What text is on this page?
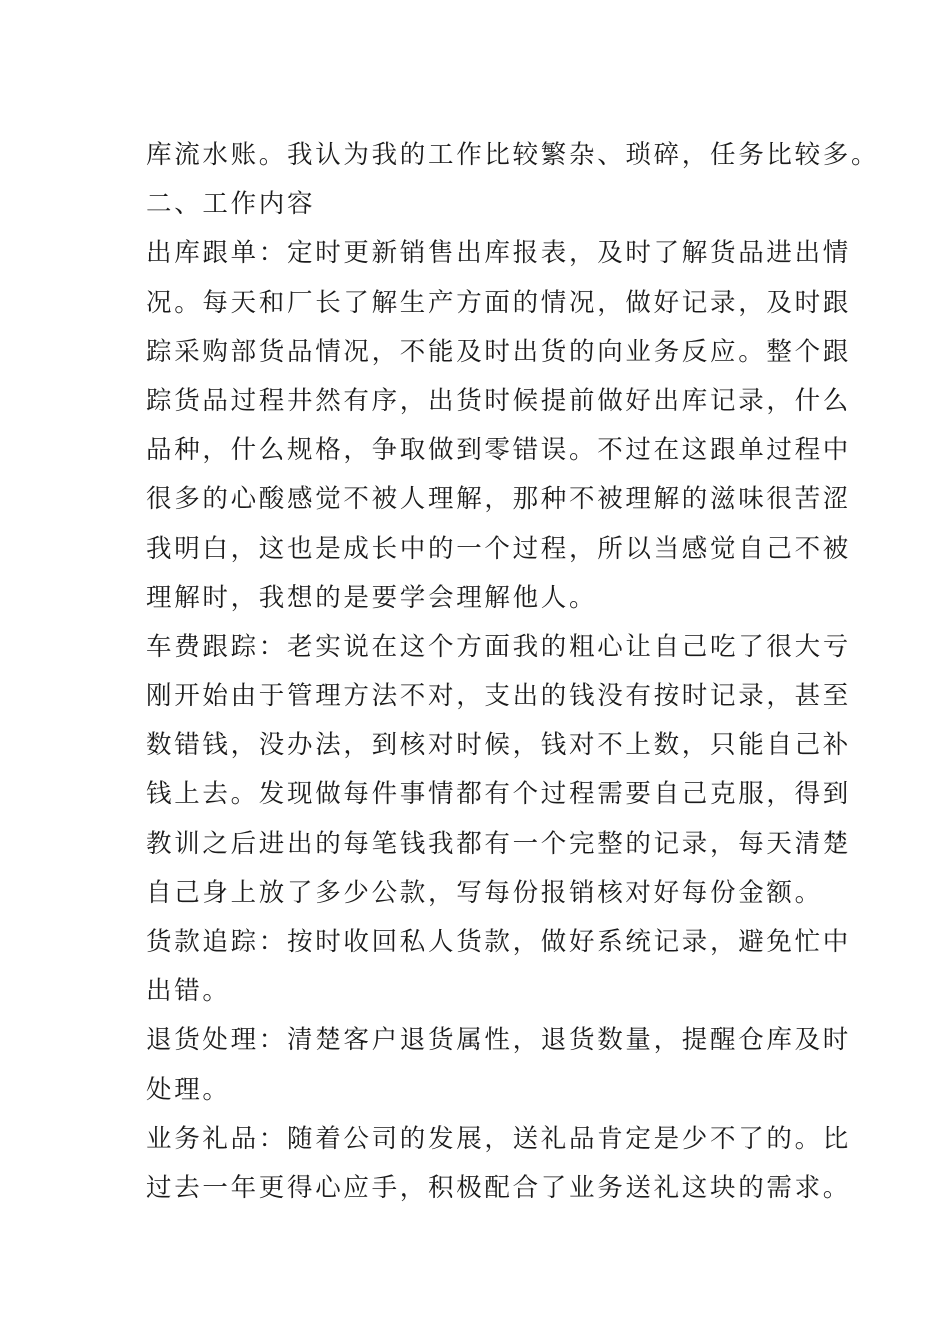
库流水账。我认为我的工作比较繁杂、琐碎，任务比较多。
二、工作内容
出库跟单：定时更新销售出库报表，及时了解货品进出情
况。每天和厂长了解生产方面的情况，做好记录，及时跟
踪采购部货品情况，不能及时出货的向业务反应。整个跟
踪货品过程井然有序，出货时候提前做好出库记录，什么
品种，什么规格，争取做到零错误。不过在这跟单过程中
很多的心酸感觉不被人理解，那种不被理解的滋味很苦涩
我明白，这也是成长中的一个过程，所以当感觉自己不被
理解时，我想的是要学会理解他人。
车费跟踪：老实说在这个方面我的粗心让自己吃了很大亏
刚开始由于管理方法不对，支出的钱没有按时记录，甚至
数错钱，没办法，到核对时候，钱对不上数，只能自己补
钱上去。发现做每件事情都有个过程需要自己克服，得到
教训之后进出的每笔钱我都有一个完整的记录，每天清楚
自己身上放了多少公款，写每份报销核对好每份金额。
货款追踪：按时收回私人货款，做好系统记录，避免忙中
出错。
退货处理：清楚客户退货属性，退货数量，提醒仓库及时
处理。
业务礼品：随着公司的发展，送礼品肯定是少不了的。比
过去一年更得心应手，积极配合了业务送礼这块的需求。
